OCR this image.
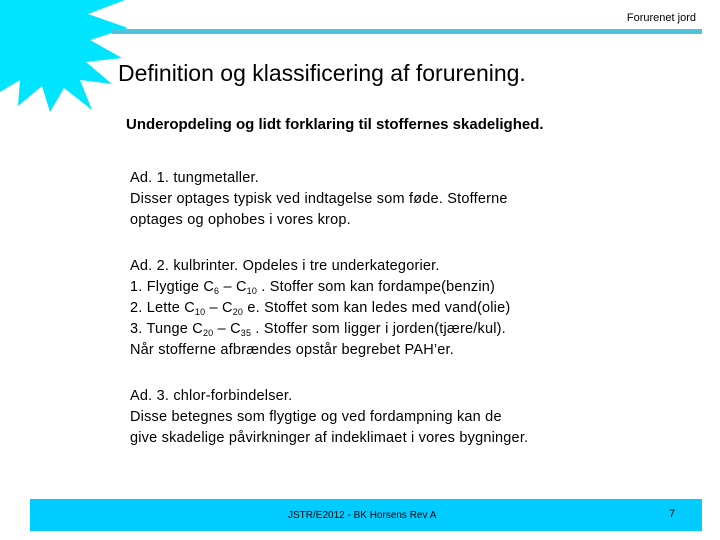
Forurenet jord
Definition og klassificering af forurening.
Underopdeling og lidt forklaring til stoffernes skadelighed.

Ad. 1. tungmetaller.
Disser optages typisk ved indtagelse som føde. Stofferne
optages og ophobes i vores krop.

Ad. 2. kulbrinter. Opdeles i tre underkategorier.
1. Flygtige $C_6 - C_{10}$ . Stoffer som kan fordampe(benzin)
2. Lette $C_{10} - C_{20}$ e. Stoffet som kan ledes med vand(olie)
3. Tunge $C_{20} - C_{35}$ . Stoffer som ligger i jorden(tjære/kul).
Når stofferne afbrændes opstår begrebet PAH’er.

Ad. 3. chlor-forbindelser.
Disse betegnes som flygtige og ved fordampning kan de
give skadelige påvirkninger af indeklimaet i vores bygninger.

JSTR/E2012 - BK Horsens Rev A	7
